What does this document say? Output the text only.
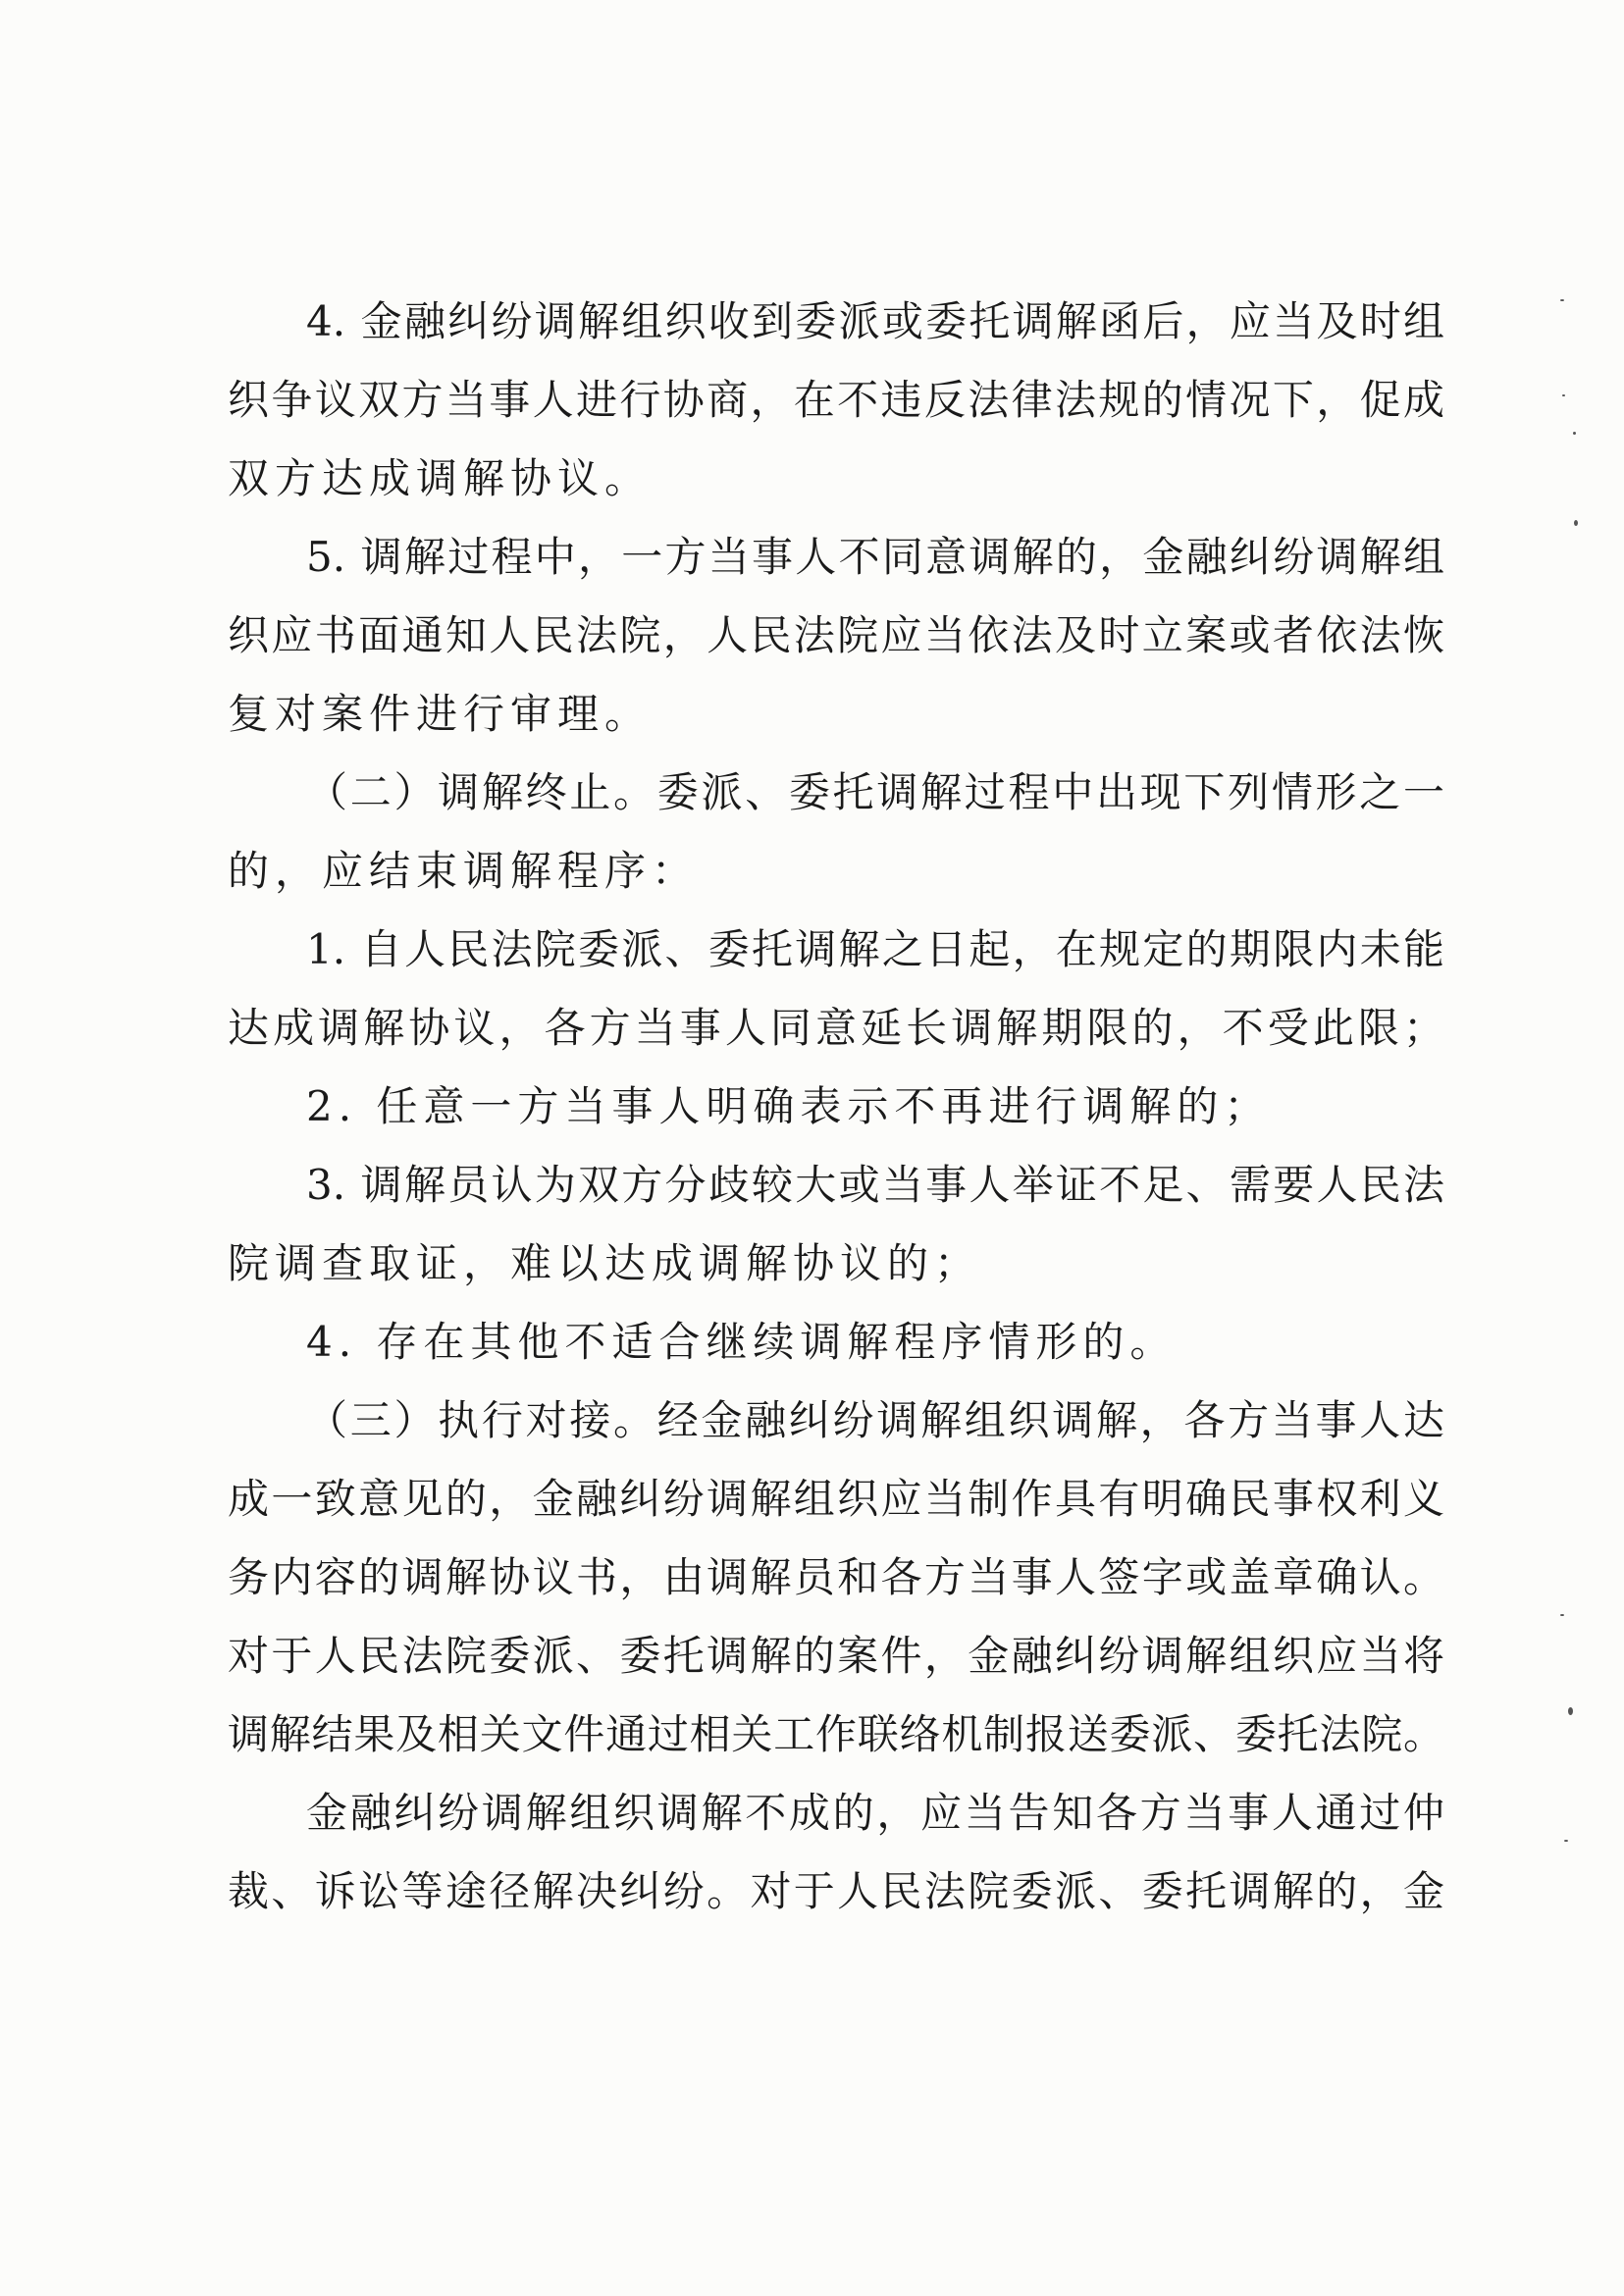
4. 金融纠纷调解组织收到委派或委托调解函后，应当及时组
织争议双方当事人进行协商，在不违反法律法规的情况下，促成
双方达成调解协议。
5. 调解过程中，一方当事人不同意调解的，金融纠纷调解组
织应书面通知人民法院，人民法院应当依法及时立案或者依法恢
复对案件进行审理。
（二）调解终止。委派、委托调解过程中出现下列情形之一
的，应结束调解程序：
1. 自人民法院委派、委托调解之日起，在规定的期限内未能
达成调解协议，各方当事人同意延长调解期限的，不受此限；
2. 任意一方当事人明确表示不再进行调解的；
3. 调解员认为双方分歧较大或当事人举证不足、需要人民法
院调查取证，难以达成调解协议的；
4. 存在其他不适合继续调解程序情形的。
（三）执行对接。经金融纠纷调解组织调解，各方当事人达
成一致意见的，金融纠纷调解组织应当制作具有明确民事权利义
务内容的调解协议书，由调解员和各方当事人签字或盖章确认。
对于人民法院委派、委托调解的案件，金融纠纷调解组织应当将
调解结果及相关文件通过相关工作联络机制报送委派、委托法院。
金融纠纷调解组织调解不成的，应当告知各方当事人通过仲
裁、诉讼等途径解决纠纷。对于人民法院委派、委托调解的，金
